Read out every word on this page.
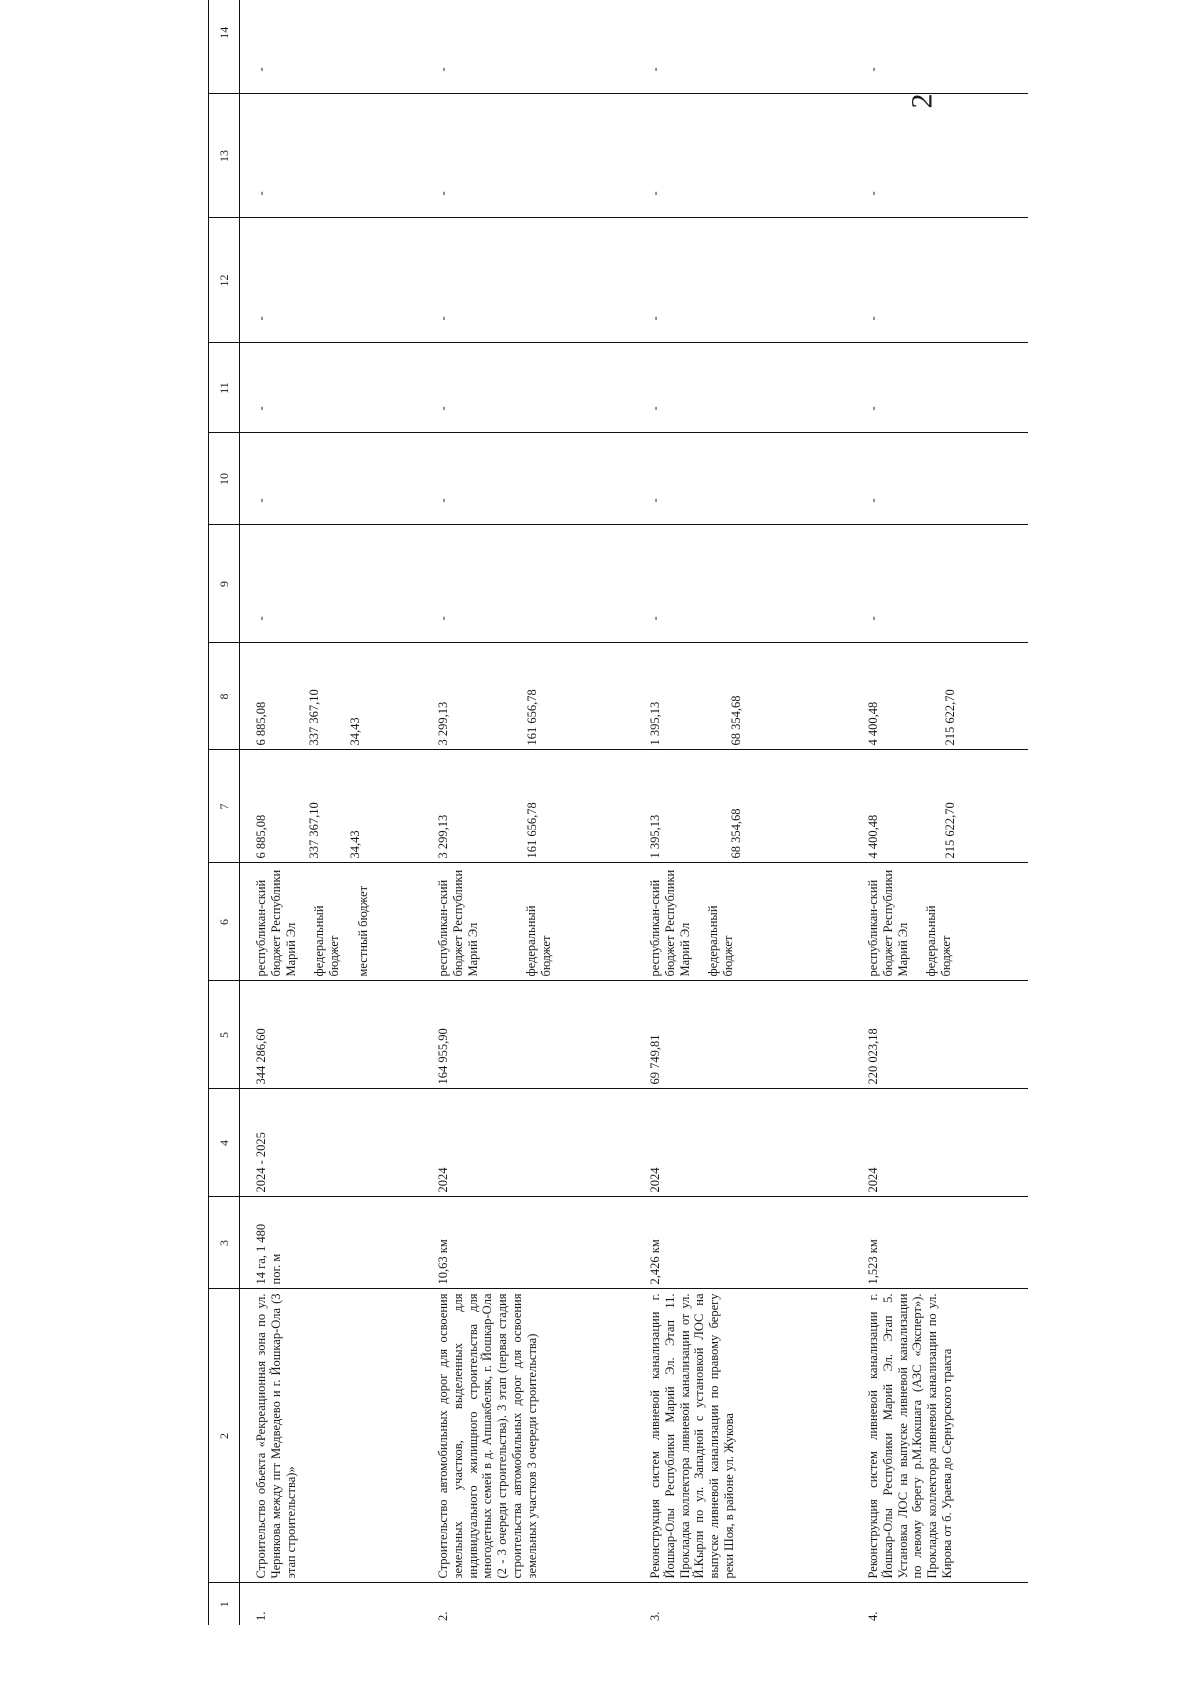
2
1	2	3	4	5	6	7	8	9	10	11	12	13	14
1.	Строительство объекта «Рекреационная зона по ул. Чернякова между пгт Медведево и г. Йошкар-Ола (3 этап строительства)»	14 га, 1 480 пог. м	2024 - 2025	344 286,60	республикан-ский бюджет Республики Марий Эл федеральный бюджет местный бюджет	6 885,08 337 367,10 34,43	6 885,08 337 367,10 34,43	-	-	-	-	-	-
2.	Строительство автомобильных дорог для освоения земельных участков, выделенных для индивидуального жилищного строительства для многодетных семей в д. Апшакбеляк, г. Йошкар-Ола (2 - 3 очереди строительства). 3 этап (первая стадия строительства автомобильных дорог для освоения земельных участков 3 очереди строительства)	10,63 км	2024	164 955,90	республикан-ский бюджет Республики Марий Эл федеральный бюджет	3 299,13 161 656,78	3 299,13 161 656,78	-	-	-	-	-	-
3.	Реконструкция систем ливневой канализации г. Йошкар-Олы Республики Марий Эл. Этап 11. Прокладка коллектора ливневой канализации от ул. Й.Кырли по ул. Западной с установкой ЛОС на выпуске ливневой канализации по правому берегу реки Шоя, в районе ул. Жукова	2,426 км	2024	69 749,81	республикан-ский бюджет Республики Марий Эл федеральный бюджет	1 395,13 68 354,68	1 395,13 68 354,68	-	-	-	-	-	-
4.	Реконструкция систем ливневой канализации г. Йошкар-Олы Республики Марий Эл. Этап 5. Установка ЛОС на выпуске ливневой канализации по левому берегу р.М.Кокшага (АЗС «Эксперт»). Прокладка коллектора ливневой канализации по ул. Кирова от б. Ураева до Сернурского тракта	1,523 км	2024	220 023,18	республикан-ский бюджет Республики Марий Эл федеральный бюджет	4 400,48 215 622,70	4 400,48 215 622,70	-	-	-	-	-	-
